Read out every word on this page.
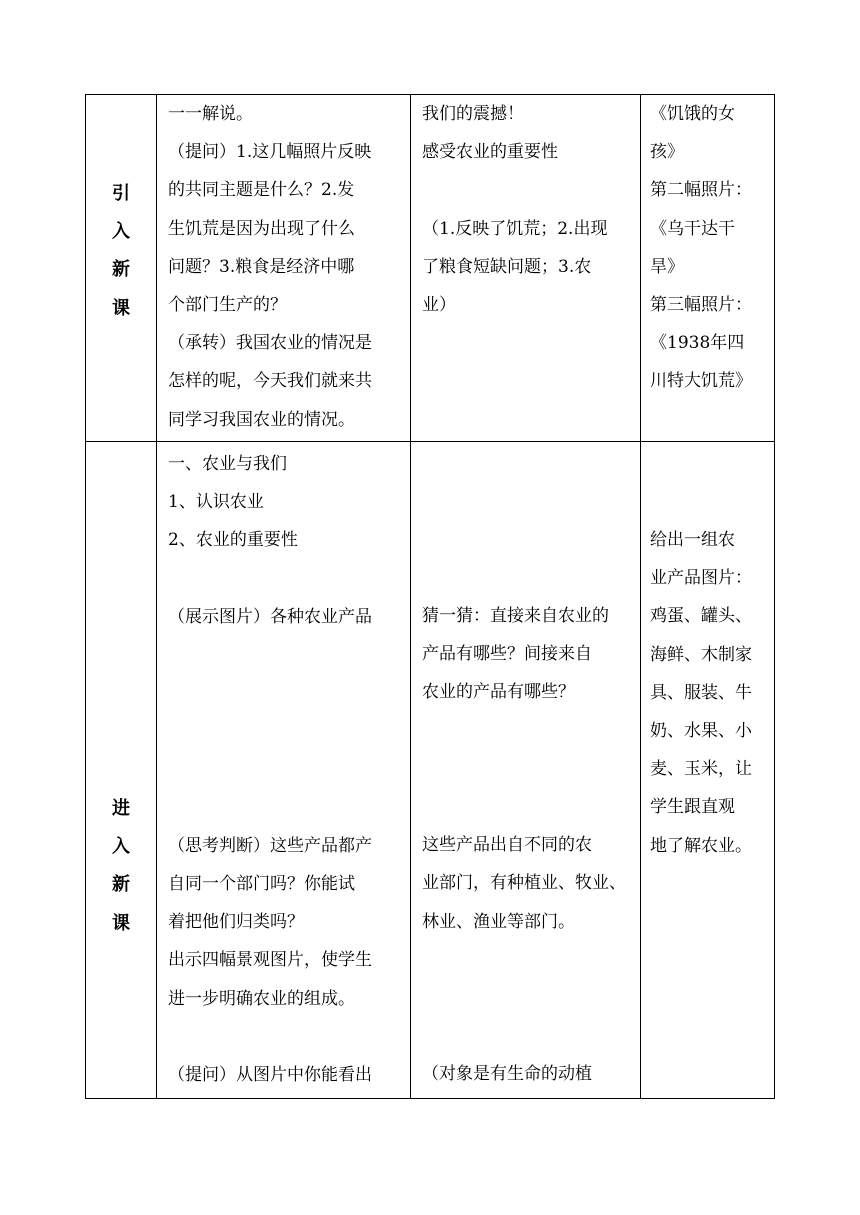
引
入
新
课
一一解说。
（提问）1.这几幅照片反映
的共同主题是什么？2.发
生饥荒是因为出现了什么
问题？3.粮食是经济中哪
个部门生产的？
（承转）我国农业的情况是
怎样的呢，今天我们就来共
同学习我国农业的情况。
我们的震撼！
感受农业的重要性
（1.反映了饥荒；2.出现
了粮食短缺问题；3.农
业）
《饥饿的女
孩》
第二幅照片：
《乌干达干
旱》
第三幅照片：
《1938年四
川特大饥荒》
进
入
新
课
一、农业与我们
1、认识农业
2、农业的重要性
（展示图片）各种农业产品
（思考判断）这些产品都产
自同一个部门吗？你能试
着把他们归类吗？
出示四幅景观图片，使学生
进一步明确农业的组成。
（提问）从图片中你能看出
猜一猜：直接来自农业的
产品有哪些？间接来自
农业的产品有哪些？
这些产品出自不同的农
业部门，有种植业、牧业、
林业、渔业等部门。
（对象是有生命的动植
给出一组农
业产品图片：
鸡蛋、罐头、
海鲜、木制家
具、服装、牛
奶、水果、小
麦、玉米，让
学生跟直观
地了解农业。
